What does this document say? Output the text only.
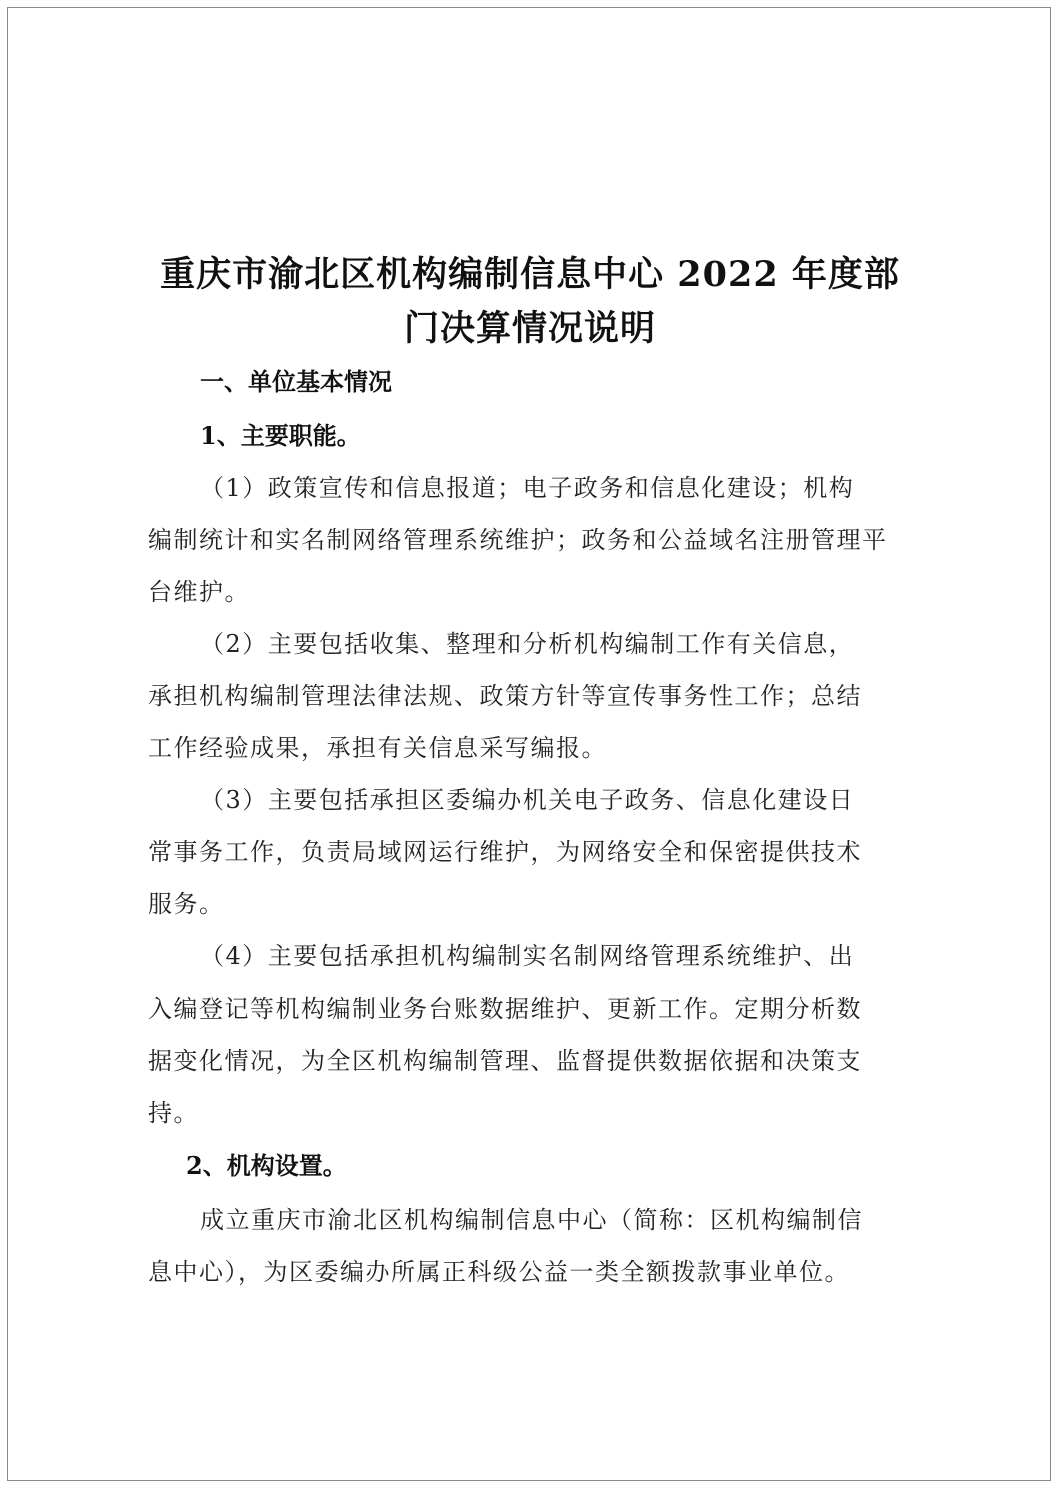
重庆市渝北区机构编制信息中心 2022 年度部
门决算情况说明
一、单位基本情况
1、主要职能。
（1）政策宣传和信息报道；电子政务和信息化建设；机构
编制统计和实名制网络管理系统维护；政务和公益域名注册管理平
台维护。
（2）主要包括收集、整理和分析机构编制工作有关信息，
承担机构编制管理法律法规、政策方针等宣传事务性工作；总结
工作经验成果，承担有关信息采写编报。
（3）主要包括承担区委编办机关电子政务、信息化建设日
常事务工作，负责局域网运行维护，为网络安全和保密提供技术
服务。
（4）主要包括承担机构编制实名制网络管理系统维护、出
入编登记等机构编制业务台账数据维护、更新工作。定期分析数
据变化情况，为全区机构编制管理、监督提供数据依据和决策支
持。
2、机构设置。
成立重庆市渝北区机构编制信息中心（简称：区机构编制信
息中心），为区委编办所属正科级公益一类全额拨款事业单位。
